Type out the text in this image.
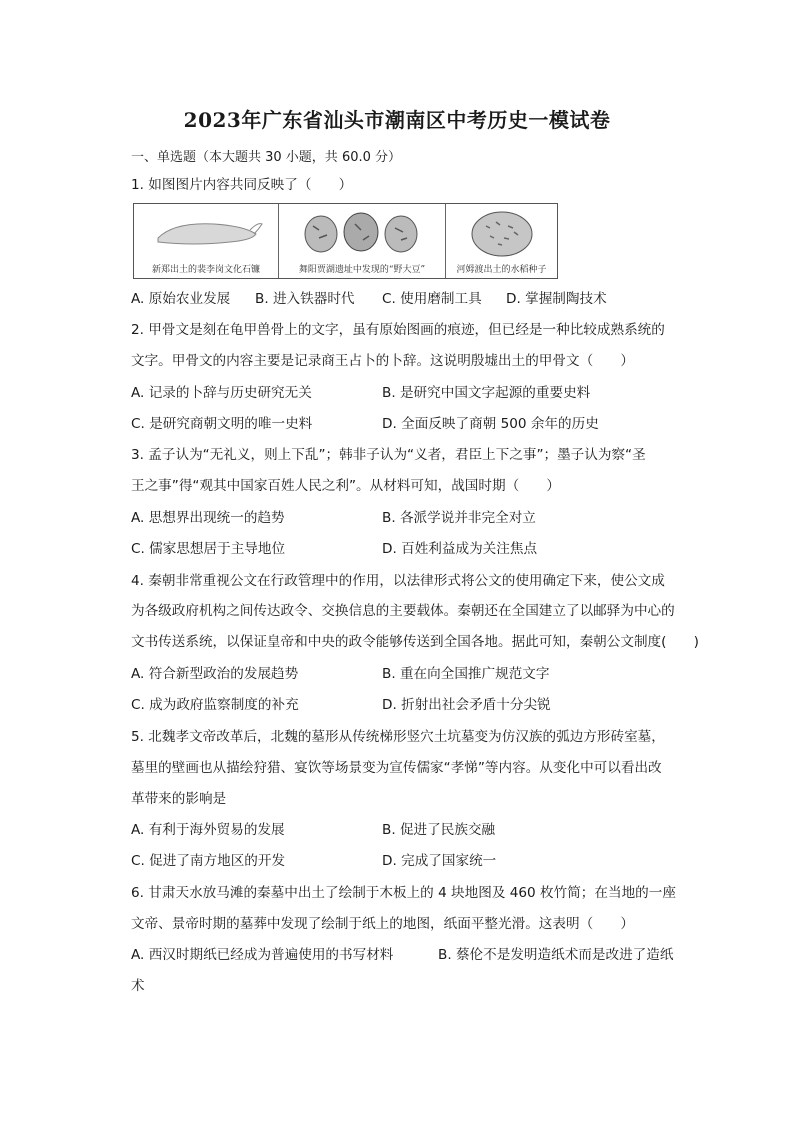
2023年广东省汕头市潮南区中考历史一模试卷
一、单选题（本大题共 30 小题，共 60.0 分）
1. 如图图片内容共同反映了（　　）
新郑出土的裴李岗文化石镰	舞阳贾湖遗址中发现的“野大豆”	河姆渡出土的水稻种子
A. 原始农业发展 B. 进入铁器时代 C. 使用磨制工具 D. 掌握制陶技术
2. 甲骨文是刻在龟甲兽骨上的文字，虽有原始图画的痕迹，但已经是一种比较成熟系统的
文字。甲骨文的内容主要是记录商王占卜的卜辞。这说明殷墟出土的甲骨文（　　）
A. 记录的卜辞与历史研究无关	B. 是研究中国文字起源的重要史料
C. 是研究商朝文明的唯一史料	D. 全面反映了商朝 500 余年的历史
3. 孟子认为“无礼义，则上下乱”；韩非子认为“义者，君臣上下之事”；墨子认为察“圣
王之事”得“观其中国家百姓人民之利”。从材料可知，战国时期（　　）
A. 思想界出现统一的趋势	B. 各派学说并非完全对立
C. 儒家思想居于主导地位	D. 百姓利益成为关注焦点
4. 秦朝非常重视公文在行政管理中的作用，以法律形式将公文的使用确定下来，使公文成
为各级政府机构之间传达政令、交换信息的主要载体。秦朝还在全国建立了以邮驿为中心的
文书传送系统，以保证皇帝和中央的政令能够传送到全国各地。据此可知，秦朝公文制度(　　)
A. 符合新型政治的发展趋势	B. 重在向全国推广规范文字
C. 成为政府监察制度的补充	D. 折射出社会矛盾十分尖锐
5. 北魏孝文帝改革后，北魏的墓形从传统梯形竖穴土坑墓变为仿汉族的弧边方形砖室墓，
墓里的壁画也从描绘狩猎、宴饮等场景变为宣传儒家“孝悌”等内容。从变化中可以看出改
革带来的影响是
A. 有利于海外贸易的发展	B. 促进了民族交融
C. 促进了南方地区的开发	D. 完成了国家统一
6. 甘肃天水放马滩的秦墓中出土了绘制于木板上的 4 块地图及 460 枚竹简；在当地的一座
文帝、景帝时期的墓葬中发现了绘制于纸上的地图，纸面平整光滑。这表明（　　）
A. 西汉时期纸已经成为普遍使用的书写材料	B. 蔡伦不是发明造纸术而是改进了造纸
术
